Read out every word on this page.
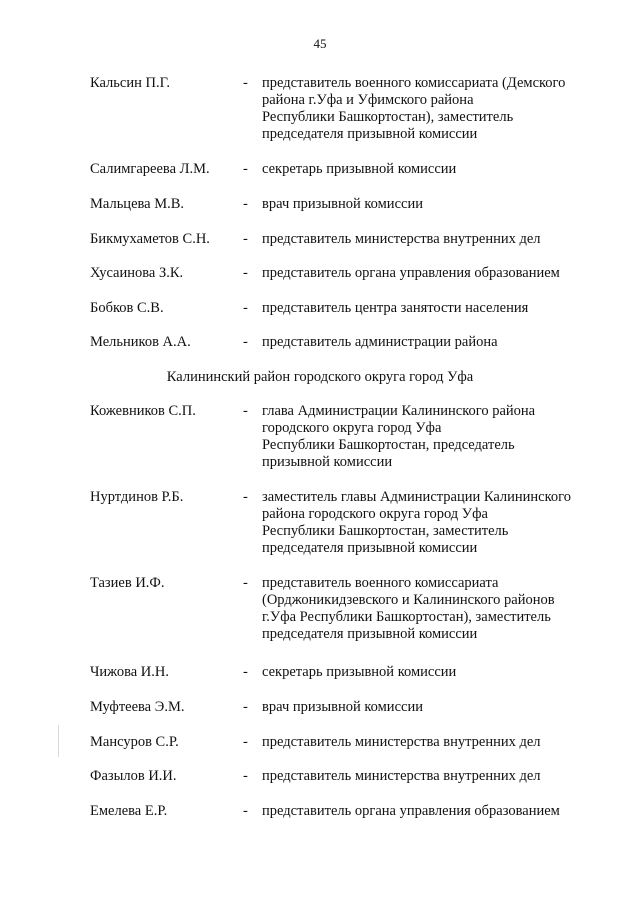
45
Калининский район городского округа город Уфа
Кальсин П.Г.	- представитель военного комиссариата (Демского
района г.Уфа и Уфимского района
Республики Башкортостан), заместитель
председателя призывной комиссии
Салимгареева Л.М. - секретарь призывной комиссии
Мальцева М.В.	- врач призывной комиссии
Бикмухаметов С.Н. - представитель министерства внутренних дел
Хусаинова З.К.	- представитель органа управления образованием
Бобков С.В.	- представитель центра занятости населения
Мельников А.А.	- представитель администрации района
Кожевников С.П.	- глава Администрации Калининского района
городского округа город Уфа
Республики Башкортостан, председатель
призывной комиссии
Нуртдинов Р.Б.	- заместитель главы Администрации Калининского
района городского округа город Уфа
Республики Башкортостан, заместитель
председателя призывной комиссии
Тазиев И.Ф.	- представитель военного комиссариата
(Орджоникидзевского и Калининского районов
г.Уфа Республики Башкортостан), заместитель
председателя призывной комиссии
Чижова И.Н.	- секретарь призывной комиссии
Муфтеева Э.М.	- врач призывной комиссии
Мансуров С.Р.	- представитель министерства внутренних дел
Фазылов И.И.	- представитель министерства внутренних дел
Емелева Е.Р.	- представитель органа управления образованием
